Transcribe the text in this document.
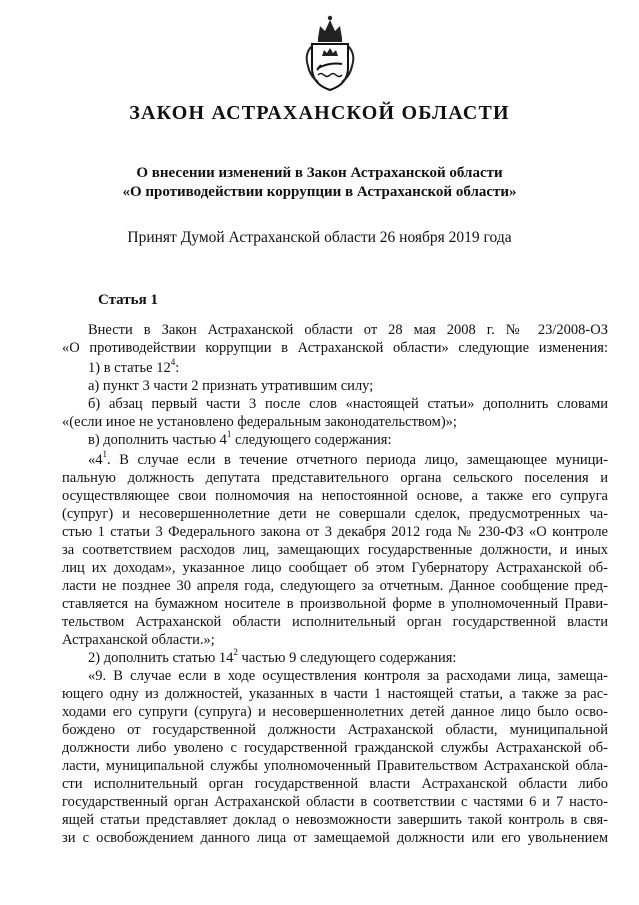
ЗАКОН АСТРАХАНСКОЙ ОБЛАСТИ
О внесении изменений в Закон Астраханской области
«О противодействии коррупции в Астраханской области»
Принят Думой Астраханской области 26 ноября 2019 года
Статья 1
Внести в Закон Астраханской области от 28 мая 2008 г. № 23/2008-ОЗ
«О противодействии коррупции в Астраханской области» следующие изменения:
1) в статье $12^4$:
а) пункт 3 части 2 признать утратившим силу;
б) абзац первый части 3 после слов «настоящей статьи» дополнить словами
«(если иное не установлено федеральным законодательством)»;
в) дополнить частью $4^1$ следующего содержания:
«$4^1$. В случае если в течение отчетного периода лицо, замещающее муници-
пальную должность депутата представительного органа сельского поселения и
осуществляющее свои полномочия на непостоянной основе, а также его супруга
(супруг) и несовершеннолетние дети не совершали сделок, предусмотренных ча-
стью 1 статьи 3 Федерального закона от 3 декабря 2012 года № 230-ФЗ «О контроле
за соответствием расходов лиц, замещающих государственные должности, и иных
лиц их доходам», указанное лицо сообщает об этом Губернатору Астраханской об-
ласти не позднее 30 апреля года, следующего за отчетным. Данное сообщение пред-
ставляется на бумажном носителе в произвольной форме в уполномоченный Прави-
тельством Астраханской области исполнительный орган государственной власти
Астраханской области.»;
2) дополнить статью $14^2$ частью 9 следующего содержания:
«9. В случае если в ходе осуществления контроля за расходами лица, замеща-
ющего одну из должностей, указанных в части 1 настоящей статьи, а также за рас-
ходами его супруги (супруга) и несовершеннолетних детей данное лицо было осво-
бождено от государственной должности Астраханской области, муниципальной
должности либо уволено с государственной гражданской службы Астраханской об-
ласти, муниципальной службы уполномоченный Правительством Астраханской обла-
сти исполнительный орган государственной власти Астраханской области либо
государственный орган Астраханской области в соответствии с частями 6 и 7 насто-
ящей статьи представляет доклад о невозможности завершить такой контроль в свя-
зи с освобождением данного лица от замещаемой должности или его увольнением
